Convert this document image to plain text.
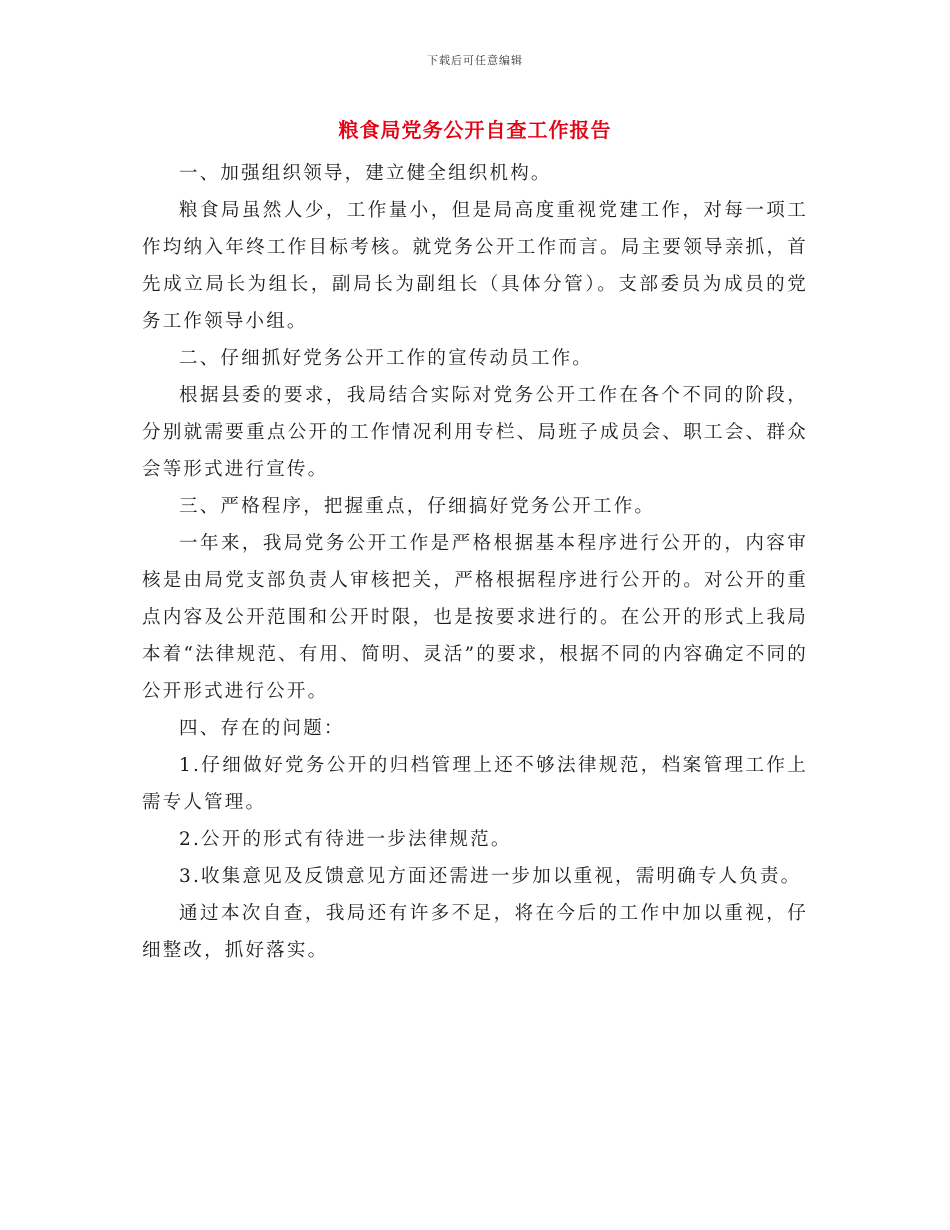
下载后可任意编辑
粮食局党务公开自查工作报告

一、加强组织领导，建立健全组织机构。

粮食局虽然人少，工作量小，但是局高度重视党建工作，对每一项工作均纳入年终工作目标考核。就党务公开工作而言。局主要领导亲抓，首先成立局长为组长，副局长为副组长（具体分管）。支部委员为成员的党务工作领导小组。

二、仔细抓好党务公开工作的宣传动员工作。

根据县委的要求，我局结合实际对党务公开工作在各个不同的阶段，分别就需要重点公开的工作情况利用专栏、局班子成员会、职工会、群众会等形式进行宣传。

三、严格程序，把握重点，仔细搞好党务公开工作。

一年来，我局党务公开工作是严格根据基本程序进行公开的，内容审核是由局党支部负责人审核把关，严格根据程序进行公开的。对公开的重点内容及公开范围和公开时限，也是按要求进行的。在公开的形式上我局本着“法律规范、有用、简明、灵活”的要求，根据不同的内容确定不同的公开形式进行公开。

四、存在的问题：

1.仔细做好党务公开的归档管理上还不够法律规范，档案管理工作上需专人管理。

2.公开的形式有待进一步法律规范。

3.收集意见及反馈意见方面还需进一步加以重视，需明确专人负责。

通过本次自查，我局还有许多不足，将在今后的工作中加以重视，仔细整改，抓好落实。
